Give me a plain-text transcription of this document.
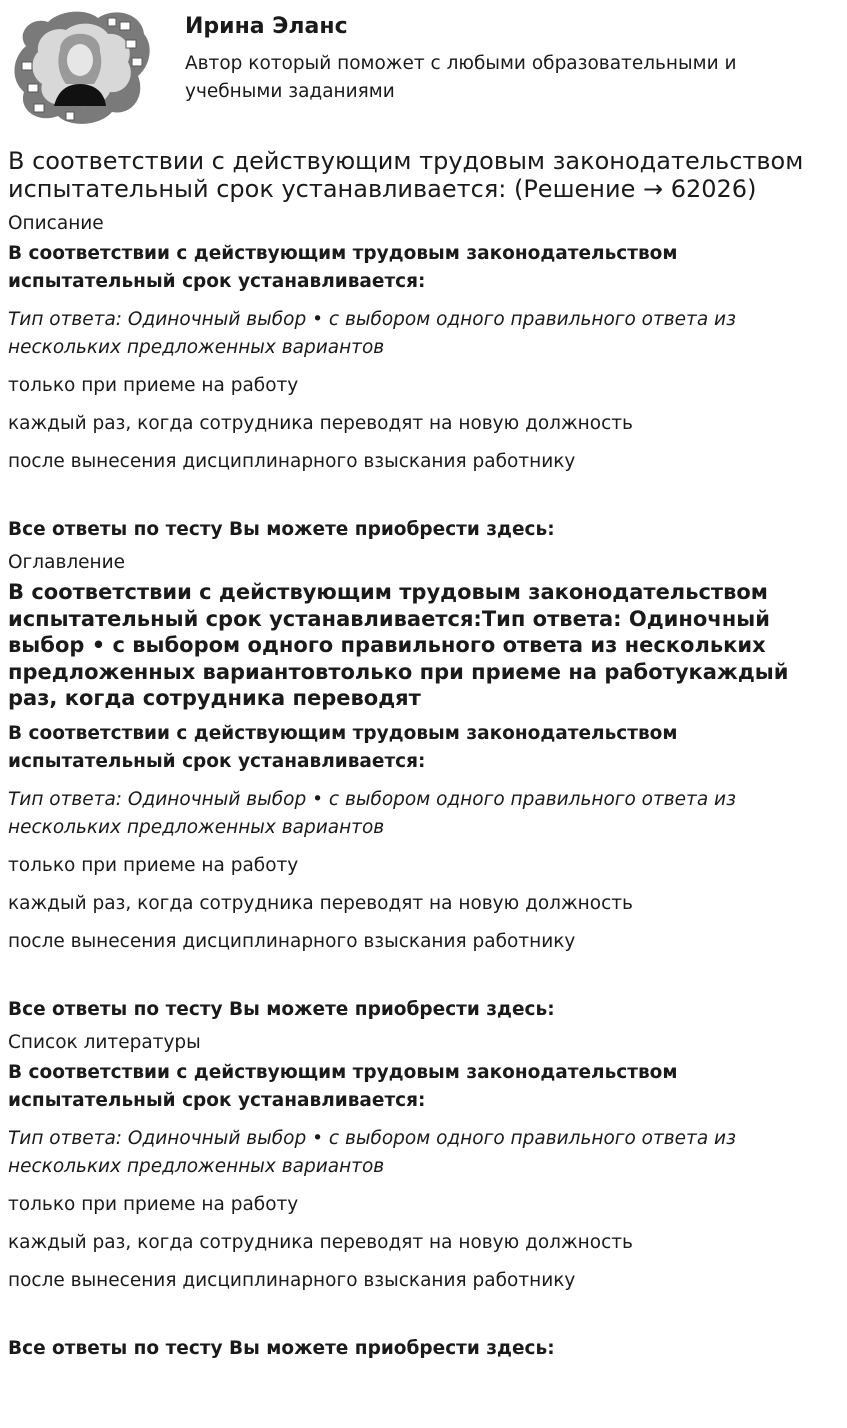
Ирина Эланс

Автор который поможет с любыми образовательными и учебными заданиями

В соответствии с действующим трудовым законодательством испытательный срок устанавливается: (Решение → 62026)
Описание
В соответствии с действующим трудовым законодательством испытательный срок устанавливается:
Тип ответа: Одиночный выбор • с выбором одного правильного ответа из нескольких предложенных вариантов
только при приеме на работу
каждый раз, когда сотрудника переводят на новую должность
после вынесения дисциплинарного взыскания работнику
Все ответы по тесту Вы можете приобрести здесь:
Оглавление
В соответствии с действующим трудовым законодательством испытательный срок устанавливается:Тип ответа: Одиночный выбор • с выбором одного правильного ответа из нескольких предложенных вариантовтолько при приеме на работукаждый раз, когда сотрудника переводят
В соответствии с действующим трудовым законодательством испытательный срок устанавливается:
Тип ответа: Одиночный выбор • с выбором одного правильного ответа из нескольких предложенных вариантов
только при приеме на работу
каждый раз, когда сотрудника переводят на новую должность
после вынесения дисциплинарного взыскания работнику
Все ответы по тесту Вы можете приобрести здесь:
Список литературы
В соответствии с действующим трудовым законодательством испытательный срок устанавливается:
Тип ответа: Одиночный выбор • с выбором одного правильного ответа из нескольких предложенных вариантов
только при приеме на работу
каждый раз, когда сотрудника переводят на новую должность
после вынесения дисциплинарного взыскания работнику
Все ответы по тесту Вы можете приобрести здесь:
